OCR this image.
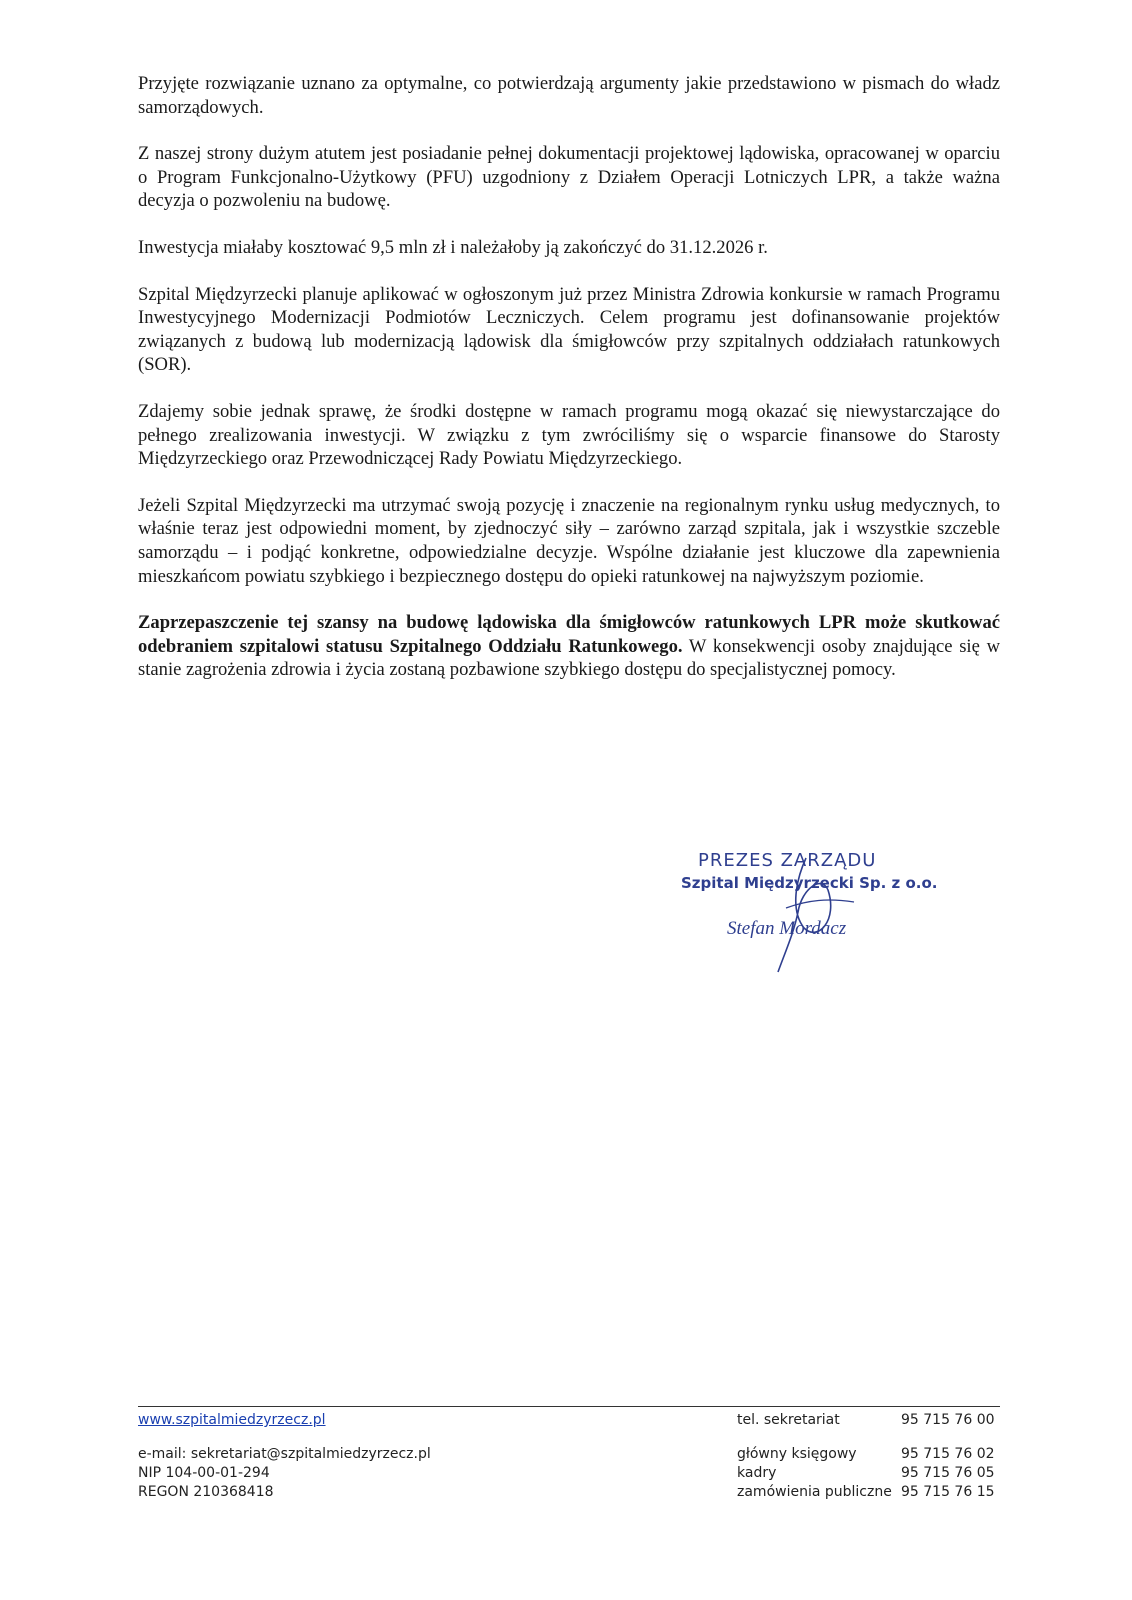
Przyjęte rozwiązanie uznano za optymalne, co potwierdzają argumenty jakie przedstawiono w pismach do władz samorządowych.

Z naszej strony dużym atutem jest posiadanie pełnej dokumentacji projektowej lądowiska, opracowanej w oparciu o Program Funkcjonalno-Użytkowy (PFU) uzgodniony z Działem Operacji Lotniczych LPR, a także ważna decyzja o pozwoleniu na budowę.

Inwestycja miałaby kosztować 9,5 mln zł i należałoby ją zakończyć do 31.12.2026 r.

Szpital Międzyrzecki planuje aplikować w ogłoszonym już przez Ministra Zdrowia konkursie w ramach Programu Inwestycyjnego Modernizacji Podmiotów Leczniczych. Celem programu jest dofinansowanie projektów związanych z budową lub modernizacją lądowisk dla śmigłowców przy szpitalnych oddziałach ratunkowych (SOR).

Zdajemy sobie jednak sprawę, że środki dostępne w ramach programu mogą okazać się niewystarczające do pełnego zrealizowania inwestycji. W związku z tym zwróciliśmy się o wsparcie finansowe do Starosty Międzyrzeckiego oraz Przewodniczącej Rady Powiatu Międzyrzeckiego.

Jeżeli Szpital Międzyrzecki ma utrzymać swoją pozycję i znaczenie na regionalnym rynku usług medycznych, to właśnie teraz jest odpowiedni moment, by zjednoczyć siły – zarówno zarząd szpitala, jak i wszystkie szczeble samorządu – i podjąć konkretne, odpowiedzialne decyzje. Wspólne działanie jest kluczowe dla zapewnienia mieszkańcom powiatu szybkiego i bezpiecznego dostępu do opieki ratunkowej na najwyższym poziomie.

Zaprzepaszczenie tej szansy na budowę lądowiska dla śmigłowców ratunkowych LPR może skutkować odebraniem szpitalowi statusu Szpitalnego Oddziału Ratunkowego. W konsekwencji osoby znajdujące się w stanie zagrożenia zdrowia i życia zostaną pozbawione szybkiego dostępu do specjalistycznej pomocy.

PREZES ZARZĄDU
Szpital Międzyrzecki Sp. z o.o.
Stefan Mordacz
www.szpitalmiedzyrzecz.pl
e-mail: sekretariat@szpitalmiedzyrzecz.pl
NIP 104-00-01-294
REGON 210368418
tel. sekretariat	95 715 76 00
główny księgowy	95 715 76 02
kadry	95 715 76 05
zamówienia publiczne 95 715 76 15
